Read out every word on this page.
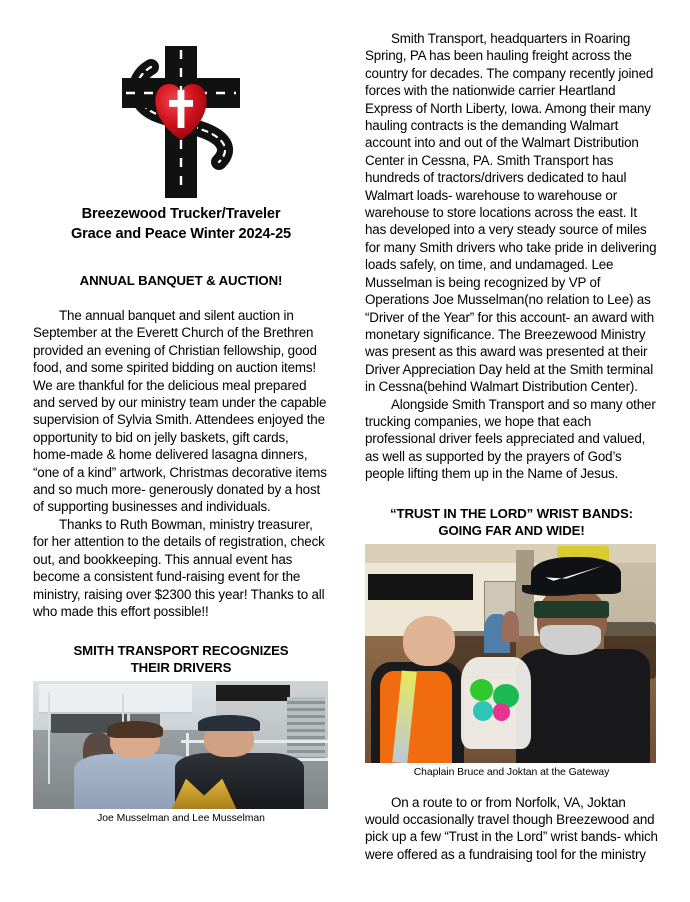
Breezewood Trucker/Traveler
Grace and Peace Winter 2024-25
ANNUAL BANQUET & AUCTION!

The annual banquet and silent auction in September at the Everett Church of the Brethren provided an evening of Christian fellowship, good food, and some spirited bidding on auction items! We are thankful for the delicious meal prepared and served by our ministry team under the capable supervision of Sylvia Smith. Attendees enjoyed the opportunity to bid on jelly baskets, gift cards, home-made & home delivered lasagna dinners, “one of a kind” artwork, Christmas decorative items and so much more- generously donated by a host of supporting businesses and individuals.

Thanks to Ruth Bowman, ministry treasurer, for her attention to the details of registration, check out, and bookkeeping. This annual event has become a consistent fund-raising event for the ministry, raising over $2300 this year! Thanks to all who made this effort possible!!

SMITH TRANSPORT RECOGNIZES
THEIR DRIVERS
Joe Musselman and Lee Musselman

Smith Transport, headquarters in Roaring Spring, PA has been hauling freight across the country for decades. The company recently joined forces with the nationwide carrier Heartland Express of North Liberty, Iowa. Among their many hauling contracts is the demanding Walmart account into and out of the Walmart Distribution Center in Cessna, PA. Smith Transport has hundreds of tractors/drivers dedicated to haul Walmart loads- warehouse to warehouse or warehouse to store locations across the east. It has developed into a very steady source of miles for many Smith drivers who take pride in delivering loads safely, on time, and undamaged. Lee Musselman is being recognized by VP of Operations Joe Musselman(no relation to Lee) as “Driver of the Year” for this account- an award with monetary significance. The Breezewood Ministry was present as this award was presented at their Driver Appreciation Day held at the Smith terminal in Cessna(behind Walmart Distribution Center).

Alongside Smith Transport and so many other trucking companies, we hope that each professional driver feels appreciated and valued, as well as supported by the prayers of God’s people lifting them up in the Name of Jesus.

“TRUST IN THE LORD” WRIST BANDS:
GOING FAR AND WIDE!
Chaplain Bruce and Joktan at the Gateway

On a route to or from Norfolk, VA, Joktan would occasionally travel though Breezewood and pick up a few “Trust in the Lord” wrist bands- which were offered as a fundraising tool for the ministry
